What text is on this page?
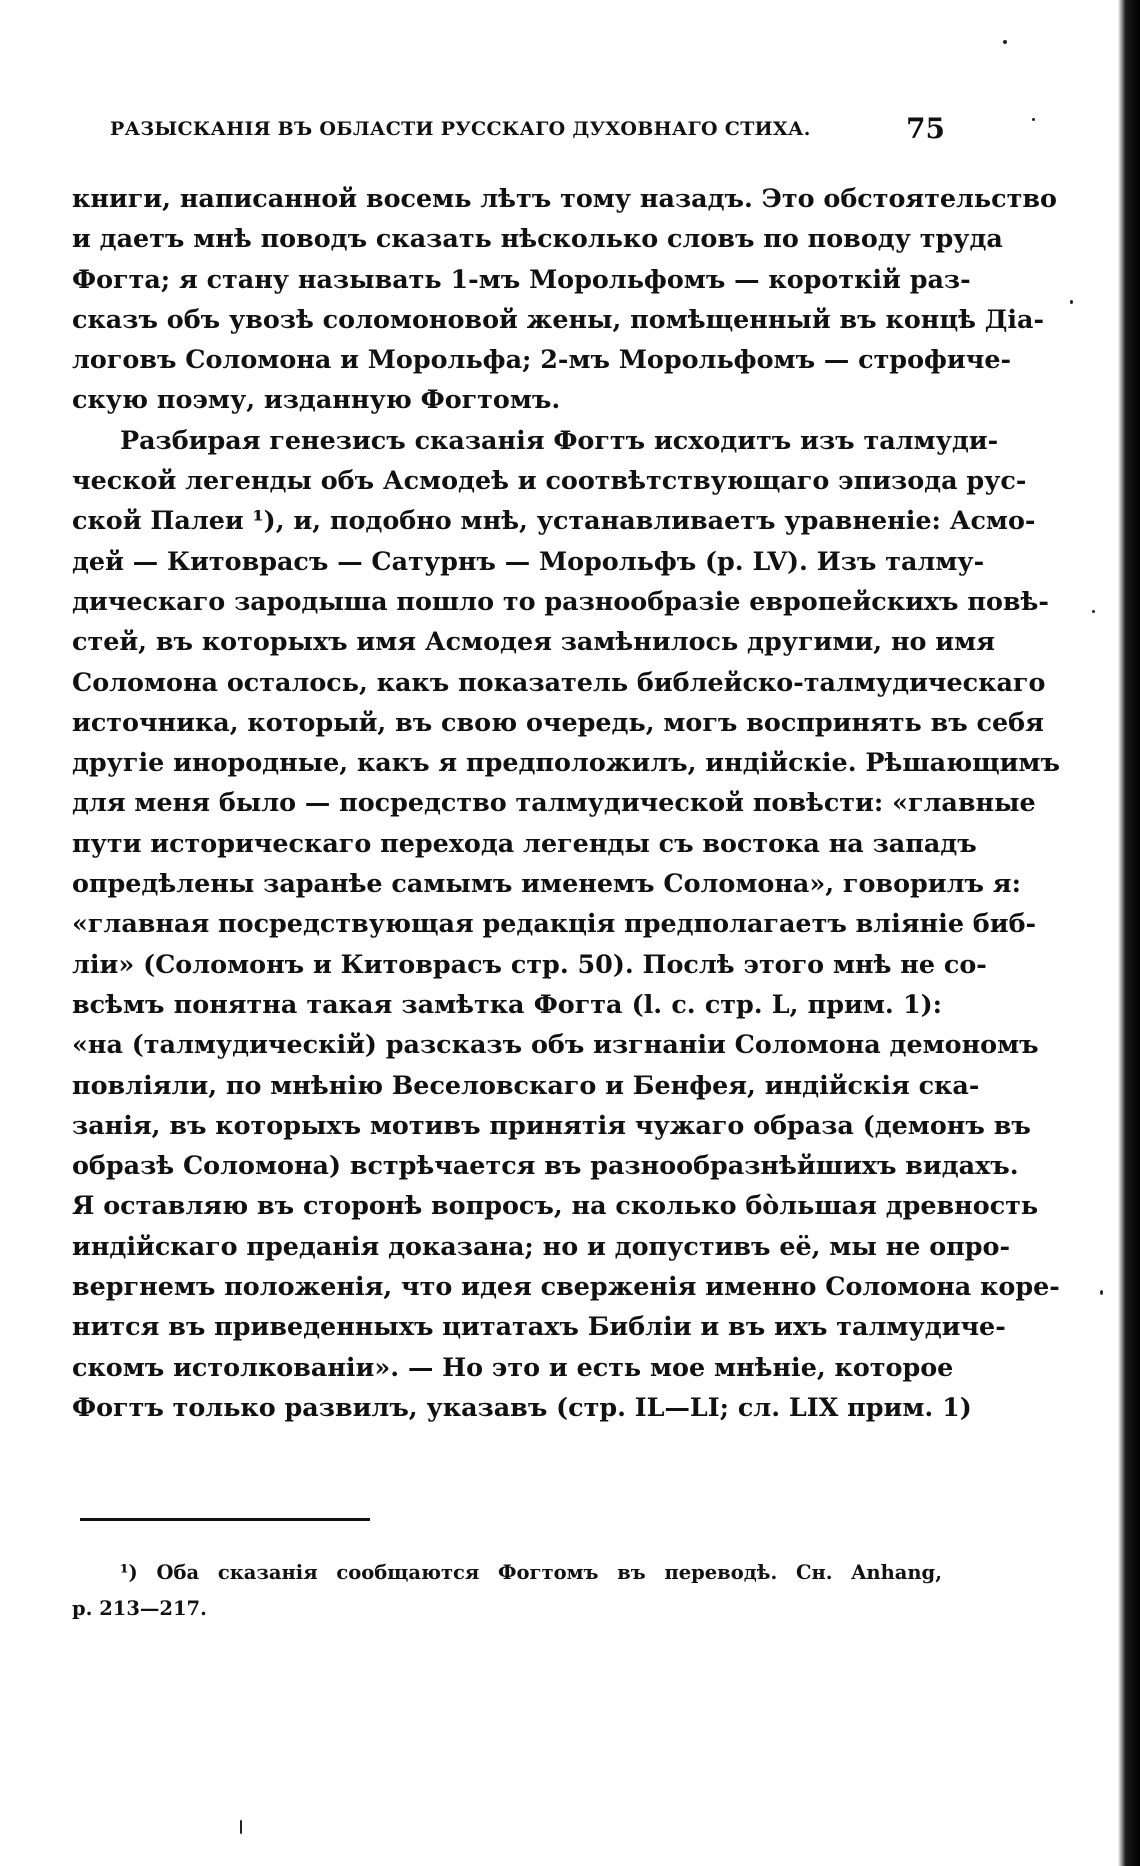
РАЗЫСКАНІЯ ВЪ ОБЛАСТИ РУССКАГО ДУХОВНАГО СТИХА.	75
книги, написанной восемь лѣтъ тому назадъ. Это обстоятельство
и даетъ мнѣ поводъ сказать нѣсколько словъ по поводу труда
Фогта; я стану называть 1-мъ Морольфомъ — короткій раз-
сказъ объ увозѣ соломоновой жены, помѣщенный въ концѣ Діа-
логовъ Соломона и Морольфа; 2-мъ Морольфомъ — строфиче-
скую поэму, изданную Фогтомъ.
Разбирая генезисъ сказанія Фогтъ исходитъ изъ талмуди-
ческой легенды объ Асмодеѣ и соотвѣтствующаго эпизода рус-
ской Палеи ¹), и, подобно мнѣ, устанавливаетъ уравненіе: Асмо-
дей — Китоврасъ — Сатурнъ — Морольфъ (p. LV). Изъ талму-
дическаго зародыша пошло то разнообразіе европейскихъ повѣ-
стей, въ которыхъ имя Асмодея замѣнилось другими, но имя
Соломона осталось, какъ показатель библейско-талмудическаго
источника, который, въ свою очередь, могъ воспринять въ себя
другіе инородные, какъ я предположилъ, индійскіе. Рѣшающимъ
для меня было — посредство талмудической повѣсти: «главные
пути историческаго перехода легенды съ востока на западъ
опредѣлены заранѣе самымъ именемъ Соломона», говорилъ я:
«главная посредствующая редакція предполагаетъ вліяніе биб-
ліи» (Соломонъ и Китоврасъ стр. 50). Послѣ этого мнѣ не со-
всѣмъ понятна такая замѣтка Фогта (l. c. стр. L, прим. 1):
«на (талмудическій) разсказъ объ изгнаніи Соломона демономъ
повліяли, по мнѣнію Веселовскаго и Бенфея, индійскія ска-
занія, въ которыхъ мотивъ принятія чужаго образа (демонъ въ
образѣ Соломона) встрѣчается въ разнообразнѣйшихъ видахъ.
Я оставляю въ сторонѣ вопросъ, на сколько бо̀льшая древность
индійскаго преданія доказана; но и допустивъ её, мы не опро-
вергнемъ положенія, что идея сверженія именно Соломона коре-
нится въ приведенныхъ цитатахъ Библіи и въ ихъ талмудиче-
скомъ истолкованіи». — Но это и есть мое мнѣніе, которое
Фогтъ только развилъ, указавъ (стр. IL—LI; сл. LIX прим. 1)
¹) Оба сказанія сообщаются Фогтомъ въ переводѣ. Сн. Anhang,
p. 213—217.
